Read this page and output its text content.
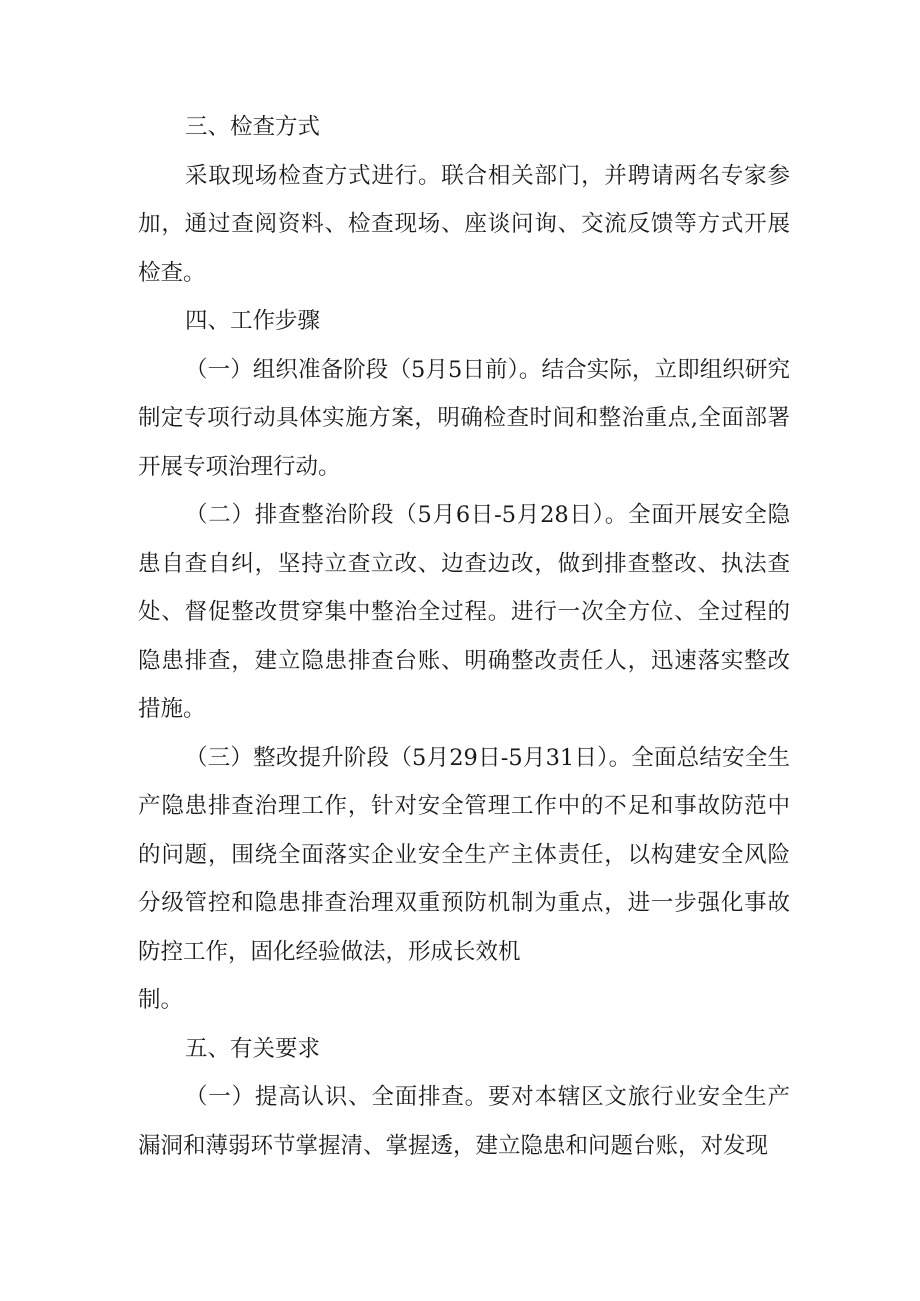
三、检查方式

采取现场检查方式进行。联合相关部门，并聘请两名专家参加，通过查阅资料、检查现场、座谈问询、交流反馈等方式开展检查。

四、工作步骤

（一）组织准备阶段（5月5日前）。结合实际，立即组织研究制定专项行动具体实施方案，明确检查时间和整治重点,全面部署开展专项治理行动。

（二）排查整治阶段（5月6日-5月28日）。全面开展安全隐患自查自纠，坚持立查立改、边查边改，做到排查整改、执法查处、督促整改贯穿集中整治全过程。进行一次全方位、全过程的隐患排查，建立隐患排查台账、明确整改责任人，迅速落实整改措施。

（三）整改提升阶段（5月29日-5月31日）。全面总结安全生产隐患排查治理工作，针对安全管理工作中的不足和事故防范中的问题，围绕全面落实企业安全生产主体责任，以构建安全风险分级管控和隐患排查治理双重预防机制为重点，进一步强化事故防控工作，固化经验做法，形成长效机
制。

五、有关要求

（一）提高认识、全面排查。要对本辖区文旅行业安全生产漏洞和薄弱环节掌握清、掌握透，建立隐患和问题台账，对发现
